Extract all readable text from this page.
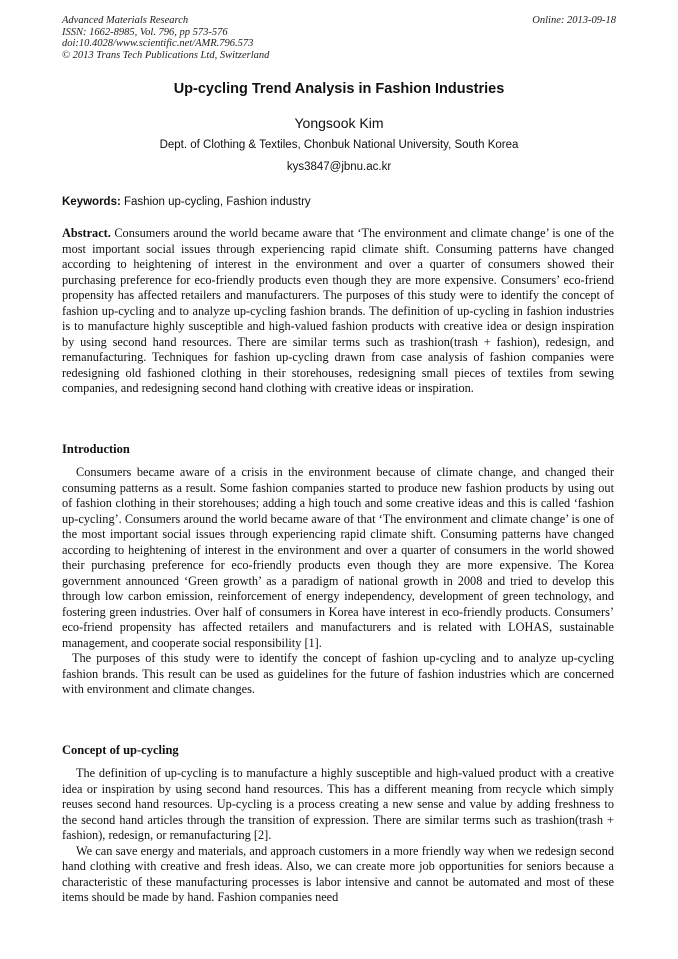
Advanced Materials Research
ISSN: 1662-8985, Vol. 796, pp 573-576
doi:10.4028/www.scientific.net/AMR.796.573
© 2013 Trans Tech Publications Ltd, Switzerland
Online: 2013-09-18
Up-cycling Trend Analysis in Fashion Industries
Yongsook Kim
Dept. of Clothing & Textiles, Chonbuk National University, South Korea
kys3847@jbnu.ac.kr
Keywords: Fashion up-cycling, Fashion industry
Abstract. Consumers around the world became aware that ‘The environment and climate change’ is one of the most important social issues through experiencing rapid climate shift. Consuming patterns have changed according to heightening of interest in the environment and over a quarter of consumers showed their purchasing preference for eco-friendly products even though they are more expensive. Consumers’ eco-friend propensity has affected retailers and manufacturers. The purposes of this study were to identify the concept of fashion up-cycling and to analyze up-cycling fashion brands. The definition of up-cycling in fashion industries is to manufacture highly susceptible and high-valued fashion products with creative idea or design inspiration by using second hand resources. There are similar terms such as trashion(trash + fashion), redesign, and remanufacturing. Techniques for fashion up-cycling drawn from case analysis of fashion companies were redesigning old fashioned clothing in their storehouses, redesigning small pieces of textiles from sewing companies, and redesigning second hand clothing with creative ideas or inspiration.
Introduction

Consumers became aware of a crisis in the environment because of climate change, and changed their consuming patterns as a result. Some fashion companies started to produce new fashion products by using out of fashion clothing in their storehouses; adding a high touch and some creative ideas and this is called ‘fashion up-cycling’. Consumers around the world became aware of that ‘The environment and climate change’ is one of the most important social issues through experiencing rapid climate shift. Consuming patterns have changed according to heightening of interest in the environment and over a quarter of consumers in the world showed their purchasing preference for eco-friendly products even though they are more expensive. The Korea government announced ‘Green growth’ as a paradigm of national growth in 2008 and tried to develop this through low carbon emission, reinforcement of energy independency, development of green technology, and fostering green industries. Over half of consumers in Korea have interest in eco-friendly products. Consumers’ eco-friend propensity has affected retailers and manufacturers and is related with LOHAS, sustainable management, and cooperate social responsibility [1].

The purposes of this study were to identify the concept of fashion up-cycling and to analyze up-cycling fashion brands. This result can be used as guidelines for the future of fashion industries which are concerned with environment and climate changes.

Concept of up-cycling

The definition of up-cycling is to manufacture a highly susceptible and high-valued product with a creative idea or inspiration by using second hand resources. This has a different meaning from recycle which simply reuses second hand resources. Up-cycling is a process creating a new sense and value by adding freshness to the second hand articles through the transition of expression. There are similar terms such as trashion(trash + fashion), redesign, or remanufacturing [2].

We can save energy and materials, and approach customers in a more friendly way when we redesign second hand clothing with creative and fresh ideas. Also, we can create more job opportunities for seniors because a characteristic of these manufacturing processes is labor intensive and cannot be automated and most of these items should be made by hand. Fashion companies need
